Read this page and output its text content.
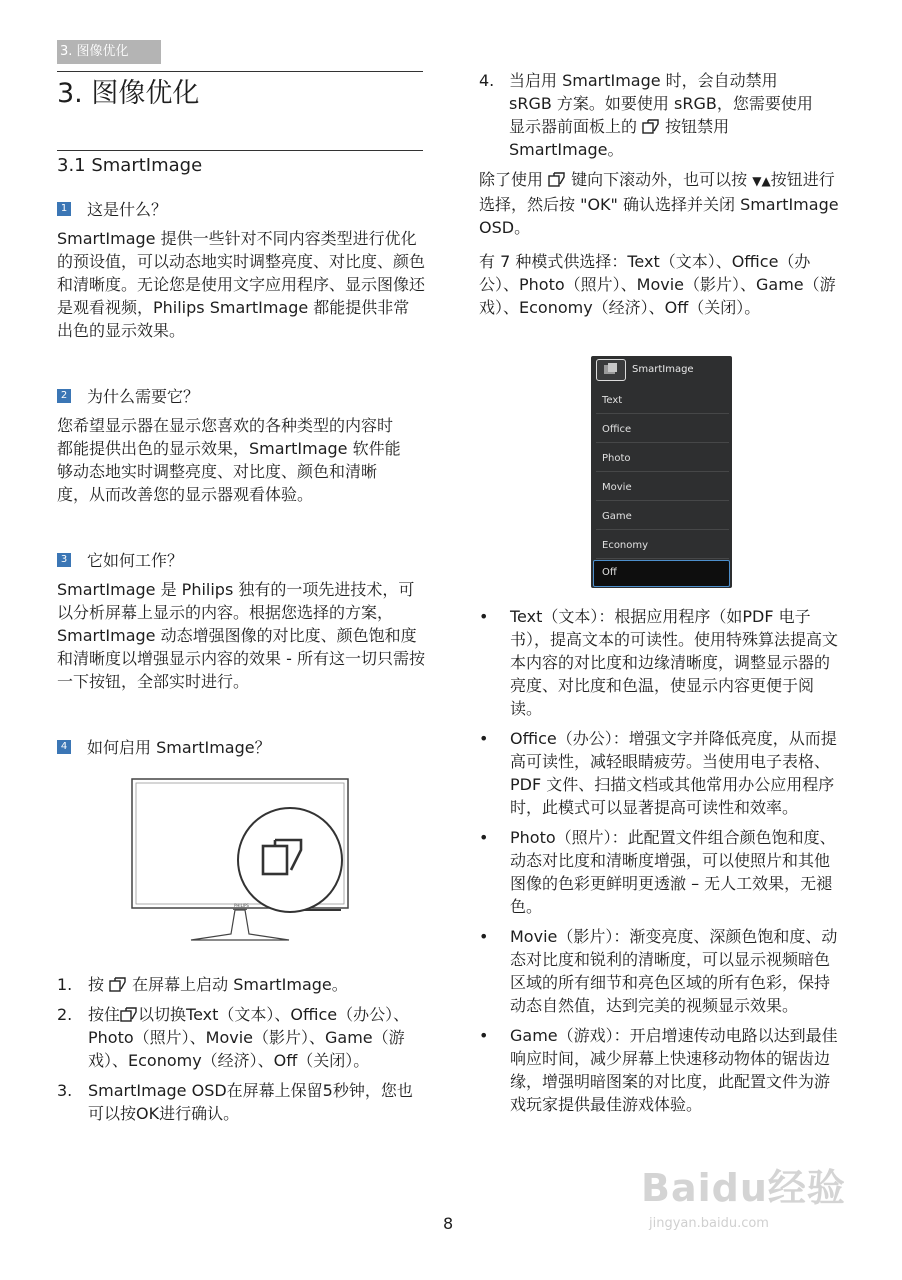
3. 图像优化
3. 图像优化
3.1 SmartImage
1 这是什么？
SmartImage 提供一些针对不同内容类型进行优化的预设值，可以动态地实时调整亮度、对比度、颜色和清晰度。无论您是使用文字应用程序、显示图像还是观看视频，Philips SmartImage 都能提供非常出色的显示效果。
2 为什么需要它？
您希望显示器在显示您喜欢的各种类型的内容时都能提供出色的显示效果，SmartImage 软件能够动态地实时调整亮度、对比度、颜色和清晰度，从而改善您的显示器观看体验。
3 它如何工作？
SmartImage 是 Philips 独有的一项先进技术，可以分析屏幕上显示的内容。根据您选择的方案，SmartImage 动态增强图像的对比度、颜色饱和度和清晰度以增强显示内容的效果 - 所有这一切只需按一下按钮，全部实时进行。
4 如何启用 SmartImage？
PHILIPS
1. 按  在屏幕上启动 SmartImage。
2. 按住 以切换Text（文本）、Office（办公）、Photo（照片）、Movie（影片）、Game（游戏）、Economy（经济）、Off（关闭）。
3. SmartImage OSD在屏幕上保留5秒钟，您也可以按OK进行确认。
4. 当启用 SmartImage 时，会自动禁用 sRGB 方案。如要使用 sRGB，您需要使用显示器前面板上的  按钮禁用 SmartImage。
除了使用  键向下滚动外，也可以按 ▼▲按钮进行选择，然后按 "OK" 确认选择并关闭 SmartImage OSD。
有 7 种模式供选择：Text（文本）、Office（办公）、Photo（照片）、Movie（影片）、Game（游戏）、Economy（经济）、Off（关闭）。
SmartImage
Text
Office
Photo
Movie
Game
Economy
Off
• Text（文本）：根据应用程序（如PDF 电子书），提高文本的可读性。使用特殊算法提高文本内容的对比度和边缘清晰度，调整显示器的亮度、对比度和色温，使显示内容更便于阅读。
• Office（办公）：增强文字并降低亮度，从而提高可读性，减轻眼睛疲劳。当使用电子表格、PDF 文件、扫描文档或其他常用办公应用程序时，此模式可以显著提高可读性和效率。
• Photo（照片）：此配置文件组合颜色饱和度、动态对比度和清晰度增强，可以使照片和其他图像的色彩更鲜明更透澈 – 无人工效果，无褪色。
• Movie（影片）：渐变亮度、深颜色饱和度、动态对比度和锐利的清晰度，可以显示视频暗色区域的所有细节和亮色区域的所有色彩，保持动态自然值，达到完美的视频显示效果。
• Game（游戏）：开启增速传动电路以达到最佳响应时间，减少屏幕上快速移动物体的锯齿边缘，增强明暗图案的对比度，此配置文件为游戏玩家提供最佳游戏体验。
8
Baidu经验
jingyan.baidu.com
